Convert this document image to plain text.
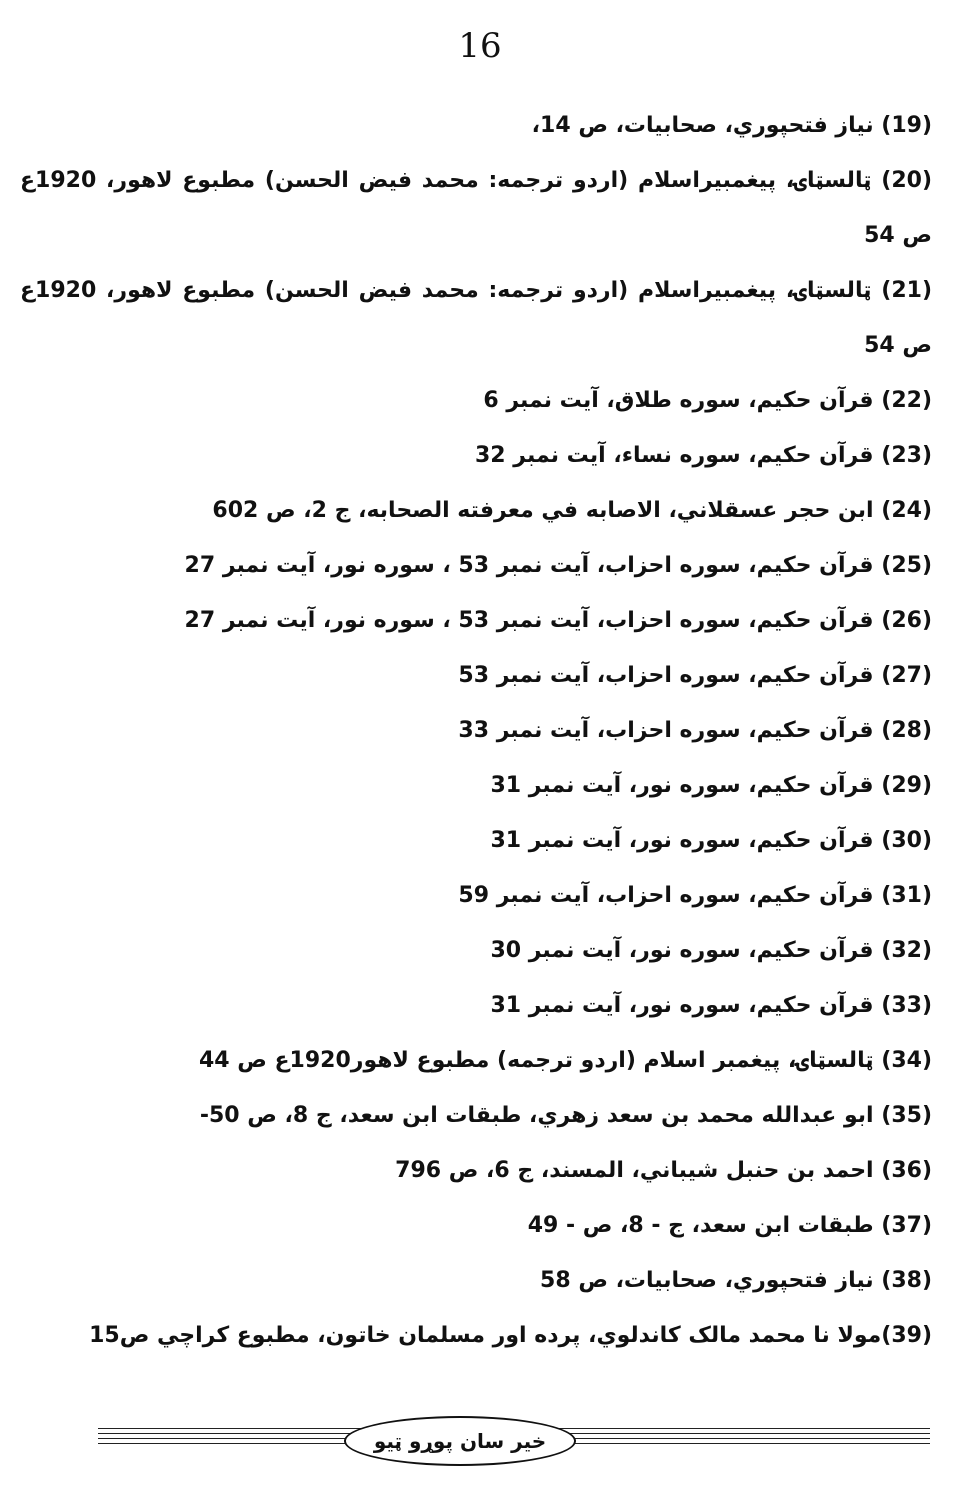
16
(19) نیاز فتحپوري، صحابیات، ص 14،
(20) ټالسټاۍ، پیغمبیراسلام (اردو ترجمه: محمد فیض الحسن) مطبوع لاهور، 1920ع ص 54
(21) ټالسټاۍ، پیغمبیراسلام (اردو ترجمه: محمد فیض الحسن) مطبوع لاهور، 1920ع ص 54
(22) قرآن حکیم، سوره طلاق، آیت نمبر 6
(23) قرآن حکیم، سوره نساء، آیت نمبر 32
(24) ابن حجر عسقلاني، الاصابه في معرفته الصحابه، ج 2، ص 602
(25) قرآن حکیم، سوره احزاب، آیت نمبر 53 ، سوره نور، آیت نمبر 27
(26) قرآن حکیم، سوره احزاب، آیت نمبر 53 ، سوره نور، آیت نمبر 27
(27) قرآن حکیم، سوره احزاب، آیت نمبر 53
(28) قرآن حکیم، سوره احزاب، آیت نمبر 33
(29) قرآن حکیم، سوره نور، آیت نمبر 31
(30) قرآن حکیم، سوره نور، آیت نمبر 31
(31) قرآن حکیم، سوره احزاب، آیت نمبر 59
(32) قرآن حکیم، سوره نور، آیت نمبر 30
(33) قرآن حکیم، سوره نور، آیت نمبر 31
(34) ټالسټاۍ، پیغمبر اسلام (اردو ترجمه) مطبوع لاهور1920ع ص 44
(35) ابو عبدالله محمد بن سعد زهري، طبقات ابن سعد، ج 8، ص 50-
(36) احمد بن حنبل شیباني، المسند، ج 6، ص 796
(37) طبقات ابن سعد، ج - 8، ص - 49
(38) نیاز فتحپوري، صحابیات، ص 58
(39)مولا نا محمد مالک کاندلوي، پرده اور مسلمان خاتون، مطبوع کراچي ص15
خیر سان پوړو ټیو
